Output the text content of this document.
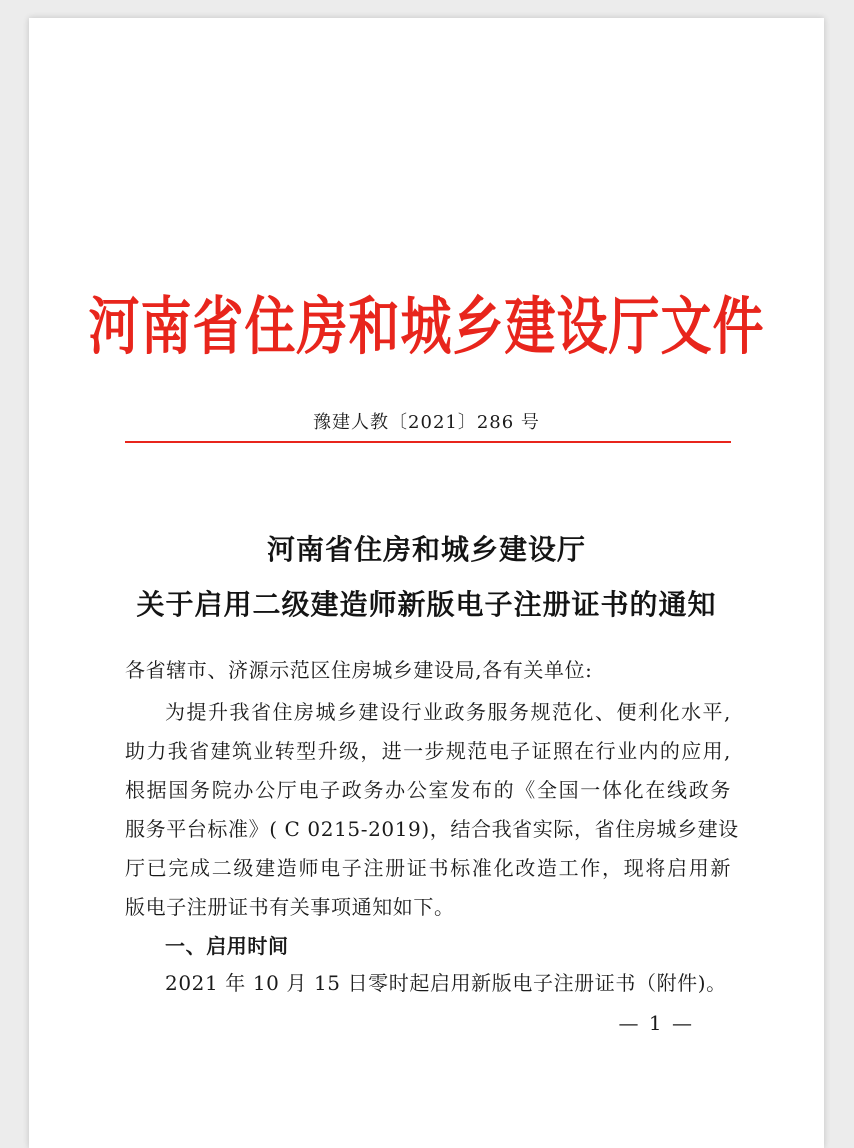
河南省住房和城乡建设厅文件
豫建人教〔2021〕286 号
河南省住房和城乡建设厅
关于启用二级建造师新版电子注册证书的通知
各省辖市、济源示范区住房城乡建设局,各有关单位:
为提升我省住房城乡建设行业政务服务规范化、便利化水平,
助力我省建筑业转型升级，进一步规范电子证照在行业内的应用,
根据国务院办公厅电子政务办公室发布的《全国一体化在线政务
服务平台标准》( C 0215-2019)，结合我省实际，省住房城乡建设
厅已完成二级建造师电子注册证书标准化改造工作，现将启用新
版电子注册证书有关事项通知如下。
一、启用时间
2021 年 10 月 15 日零时起启用新版电子注册证书（附件)。
— 1 —
